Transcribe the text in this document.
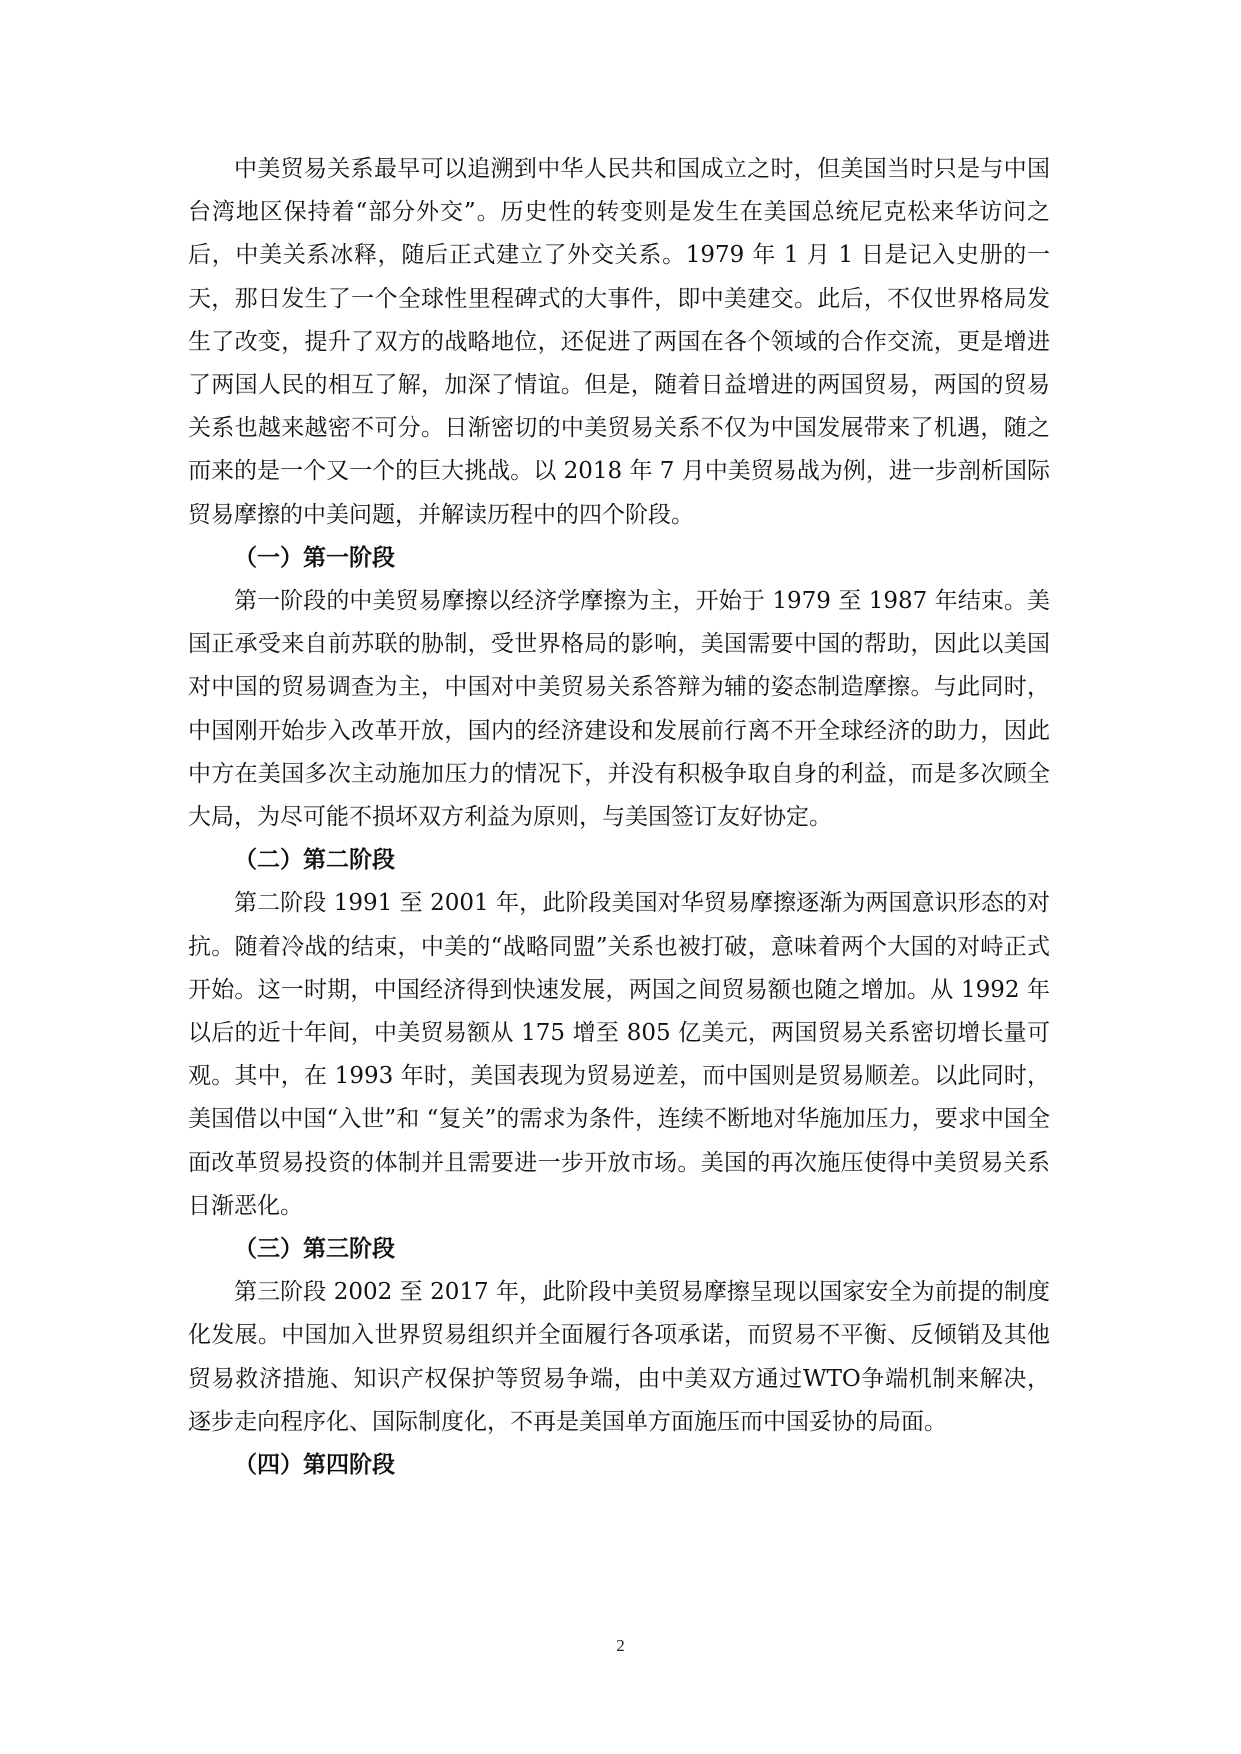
中美贸易关系最早可以追溯到中华人民共和国成立之时，但美国当时只是与中国台湾地区保持着“部分外交”。历史性的转变则是发生在美国总统尼克松来华访问之后，中美关系冰释，随后正式建立了外交关系。1979 年 1 月 1 日是记入史册的一天，那日发生了一个全球性里程碑式的大事件，即中美建交。此后，不仅世界格局发生了改变，提升了双方的战略地位，还促进了两国在各个领域的合作交流，更是增进了两国人民的相互了解，加深了情谊。但是，随着日益增进的两国贸易，两国的贸易关系也越来越密不可分。日渐密切的中美贸易关系不仅为中国发展带来了机遇，随之而来的是一个又一个的巨大挑战。以 2018 年 7 月中美贸易战为例，进一步剖析国际贸易摩擦的中美问题，并解读历程中的四个阶段。

（一）第一阶段

第一阶段的中美贸易摩擦以经济学摩擦为主，开始于 1979 至 1987 年结束。美国正承受来自前苏联的胁制，受世界格局的影响，美国需要中国的帮助，因此以美国对中国的贸易调查为主，中国对中美贸易关系答辩为辅的姿态制造摩擦。与此同时，中国刚开始步入改革开放，国内的经济建设和发展前行离不开全球经济的助力，因此中方在美国多次主动施加压力的情况下，并没有积极争取自身的利益，而是多次顾全大局，为尽可能不损坏双方利益为原则，与美国签订友好协定。

（二）第二阶段

第二阶段 1991 至 2001 年，此阶段美国对华贸易摩擦逐渐为两国意识形态的对抗。随着冷战的结束，中美的“战略同盟”关系也被打破，意味着两个大国的对峙正式开始。这一时期，中国经济得到快速发展，两国之间贸易额也随之增加。从 1992 年以后的近十年间，中美贸易额从 175 增至 805 亿美元，两国贸易关系密切增长量可观。其中，在 1993 年时，美国表现为贸易逆差，而中国则是贸易顺差。以此同时，美国借以中国“入世”和 “复关”的需求为条件，连续不断地对华施加压力，要求中国全面改革贸易投资的体制并且需要进一步开放市场。美国的再次施压使得中美贸易关系日渐恶化。

（三）第三阶段

第三阶段 2002 至 2017 年，此阶段中美贸易摩擦呈现以国家安全为前提的制度化发展。中国加入世界贸易组织并全面履行各项承诺，而贸易不平衡、反倾销及其他贸易救济措施、知识产权保护等贸易争端，由中美双方通过WTO争端机制来解决，逐步走向程序化、国际制度化，不再是美国单方面施压而中国妥协的局面。

（四）第四阶段
2
